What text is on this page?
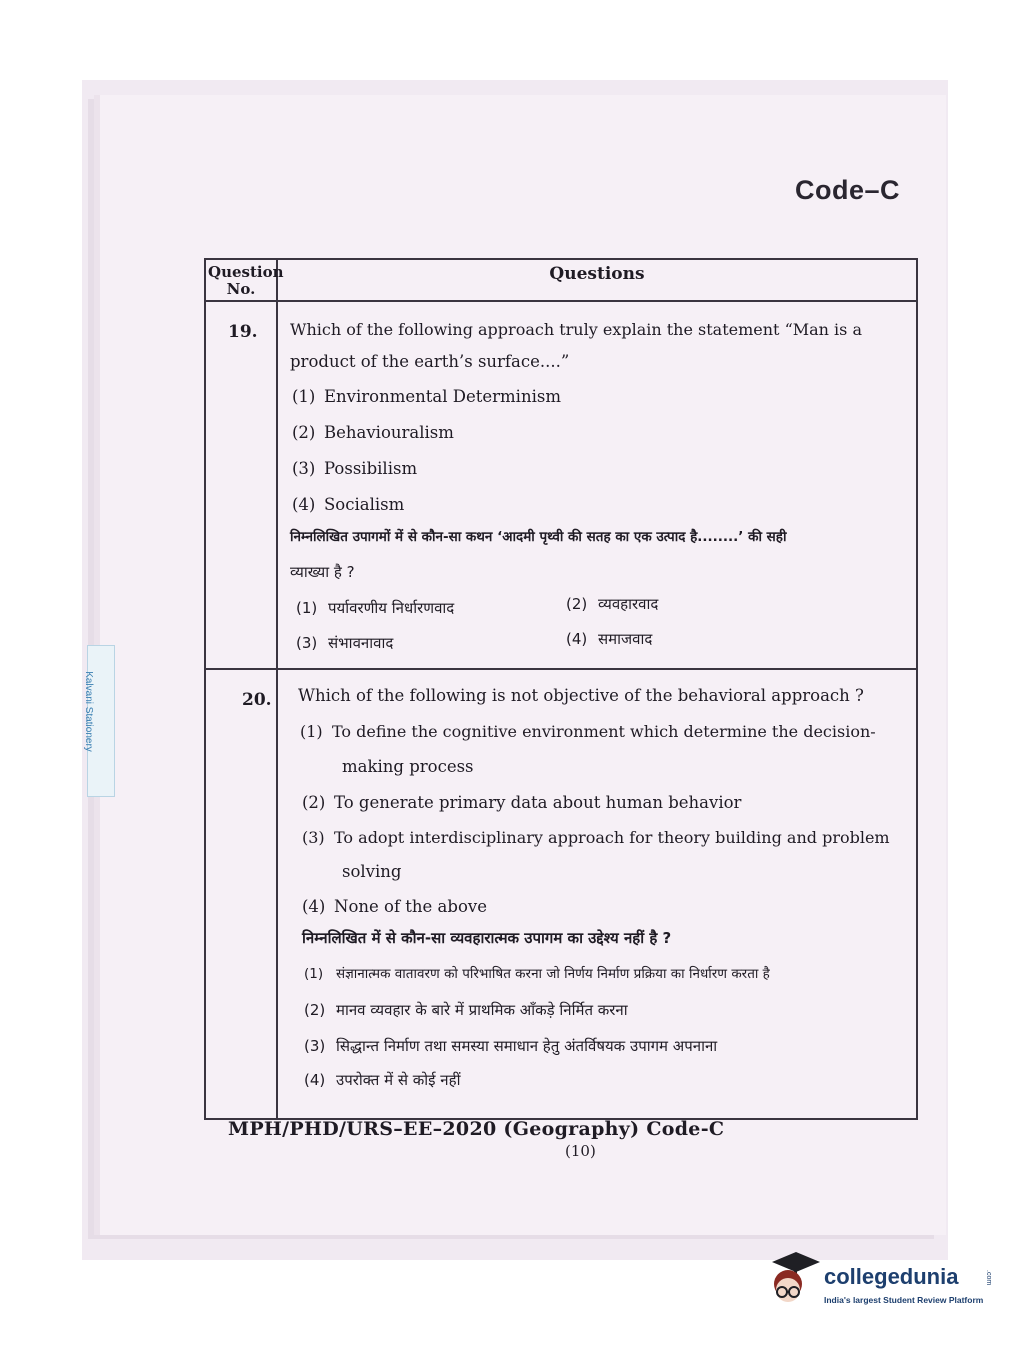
Kalvani Stationery
Code–C
Question No.
Questions
19. Which of the following approach truly explain the statement “Man is a
product of the earth’s surface....”
(1) Environmental Determinism
(2) Behaviouralism
(3) Possibilism
(4) Socialism
निम्नलिखित उपागमों में से कौन-सा कथन ‘आदमी पृथ्वी की सतह का एक उत्पाद है........’ की सही
व्याख्या है ?
(1) पर्यावरणीय निर्धारणवाद	(2) व्यवहारवाद
(3) संभावनावाद	(4) समाजवाद
20. Which of the following is not objective of the behavioral approach ?
(1) To define the cognitive environment which determine the decision-
making process
(2) To generate primary data about human behavior
(3) To adopt interdisciplinary approach for theory building and problem
solving
(4) None of the above
निम्नलिखित में से कौन-सा व्यवहारात्मक उपागम का उद्देश्य नहीं है ?
(1) संज्ञानात्मक वातावरण को परिभाषित करना जो निर्णय निर्माण प्रक्रिया का निर्धारण करता है
(2) मानव व्यवहार के बारे में प्राथमिक आँकड़े निर्मित करना
(3) सिद्धान्त निर्माण तथा समस्या समाधान हेतु अंतर्विषयक उपागम अपनाना
(4) उपरोक्त में से कोई नहीं
MPH/PHD/URS–EE–2020 (Geography) Code-C
(10)
collegedunia	.com
India's largest Student Review Platform
